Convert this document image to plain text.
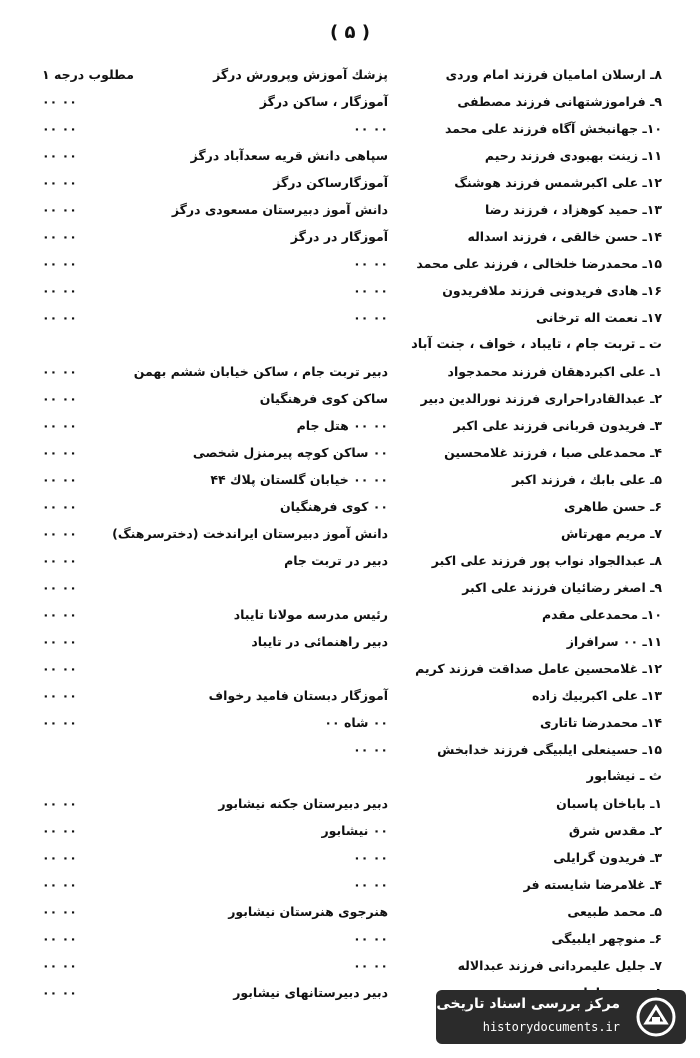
( ۵ )
۸ـ ارسلان اماميان فرزند امام وردى
پزشك آموزش وپرورش درگز
مطلوب درجه ۱
۹ـ فراموزشتهانى فرزند مصطفى
آموزگار ، ساكن درگز
۰۰ ۰۰
۱۰ـ جهانبخش آگاه فرزند على محمد
۰۰ ۰۰
۰۰ ۰۰
۱۱ـ زينت بهبودى فرزند رحيم
سپاهى دانش قريه سعدآباد درگز
۰۰ ۰۰
۱۲ـ على اكبرشمس فرزند هوشنگ
آموزگارساكن درگز
۰۰ ۰۰
۱۳ـ حميد كوهزاد ، فرزند رضا
دانش آموز دبيرستان مسعودى درگز
۰۰ ۰۰
۱۴ـ حسن خالقى ، فرزند اسداله
آموزگار در درگز
۰۰ ۰۰
۱۵ـ محمدرضا خلخالى ، فرزند على محمد
۰۰ ۰۰
۰۰ ۰۰
۱۶ـ هادى فريدونى فرزند ملافريدون
۰۰ ۰۰
۰۰ ۰۰
۱۷ـ نعمت اله ترخانى
۰۰ ۰۰
۰۰ ۰۰
ت ـ تربت جام ، تايباد ، خواف ، جنت آباد
۱ـ على اكبردهقان فرزند محمدجواد
دبير تربت جام ، ساكن خيابان ششم بهمن
۰۰ ۰۰
۲ـ عبدالقادراحرارى فرزند نورالدين دبير
ساكن كوى فرهنگيان
۰۰ ۰۰
۳ـ فريدون قربانى فرزند على اكبر
۰۰ ۰۰ هتل جام
۰۰ ۰۰
۴ـ محمدعلى صبا ، فرزند غلامحسين
۰۰ ساكن كوچه پيرمنزل شخصى
۰۰ ۰۰
۵ـ على بابك ، فرزند اكبر
۰۰ ۰۰ خيابان گلستان پلاك ۴۴
۰۰ ۰۰
۶ـ حسن طاهرى
۰۰ كوى فرهنگيان
۰۰ ۰۰
۷ـ مريم مهرتاش
دانش آموز دبيرستان ايراندخت (دخترسرهنگ)
۰۰ ۰۰
۸ـ عبدالجواد نواب پور فرزند على اكبر
دبير در تربت جام
۰۰ ۰۰
۹ـ اصغر رضائيان فرزند على اكبر
۰۰ ۰۰
۱۰ـ محمدعلى مقدم
رئيس مدرسه مولانا تايباد
۰۰ ۰۰
۱۱ـ ۰۰ سرافراز
دبير راهنمائى در تايباد
۰۰ ۰۰
۱۲ـ غلامحسين عامل صداقت فرزند كريم
۰۰ ۰۰
۱۳ـ على اكبربيك زاده
آموزگار دبستان فاميد رخواف
۰۰ ۰۰
۱۴ـ محمدرضا تاتارى
۰۰ شاه ۰۰
۰۰ ۰۰
۱۵ـ حسينعلى ايلبيگى فرزند خدابخش
۰۰ ۰۰
ث ـ نيشابور
۱ـ باباخان پاسبان
دبير دبيرستان جكنه نيشابور
۰۰ ۰۰
۲ـ مقدس شرق
۰۰ نيشابور
۰۰ ۰۰
۳ـ فريدون گرايلى
۰۰ ۰۰
۰۰ ۰۰
۴ـ غلامرضا شايسته فر
۰۰ ۰۰
۰۰ ۰۰
۵ـ محمد طبيعى
هنرجوى هنرستان نيشابور
۰۰ ۰۰
۶ـ منوچهر ايلبيگى
۰۰ ۰۰
۰۰ ۰۰
۷ـ جليل عليمردانى فرزند عبدالاله
۰۰ ۰۰
۰۰ ۰۰
دبير دبيرستانهاى نيشابور
۰۰ ۰۰
مرکز بررسی اسناد تاریخی
historydocuments.ir
